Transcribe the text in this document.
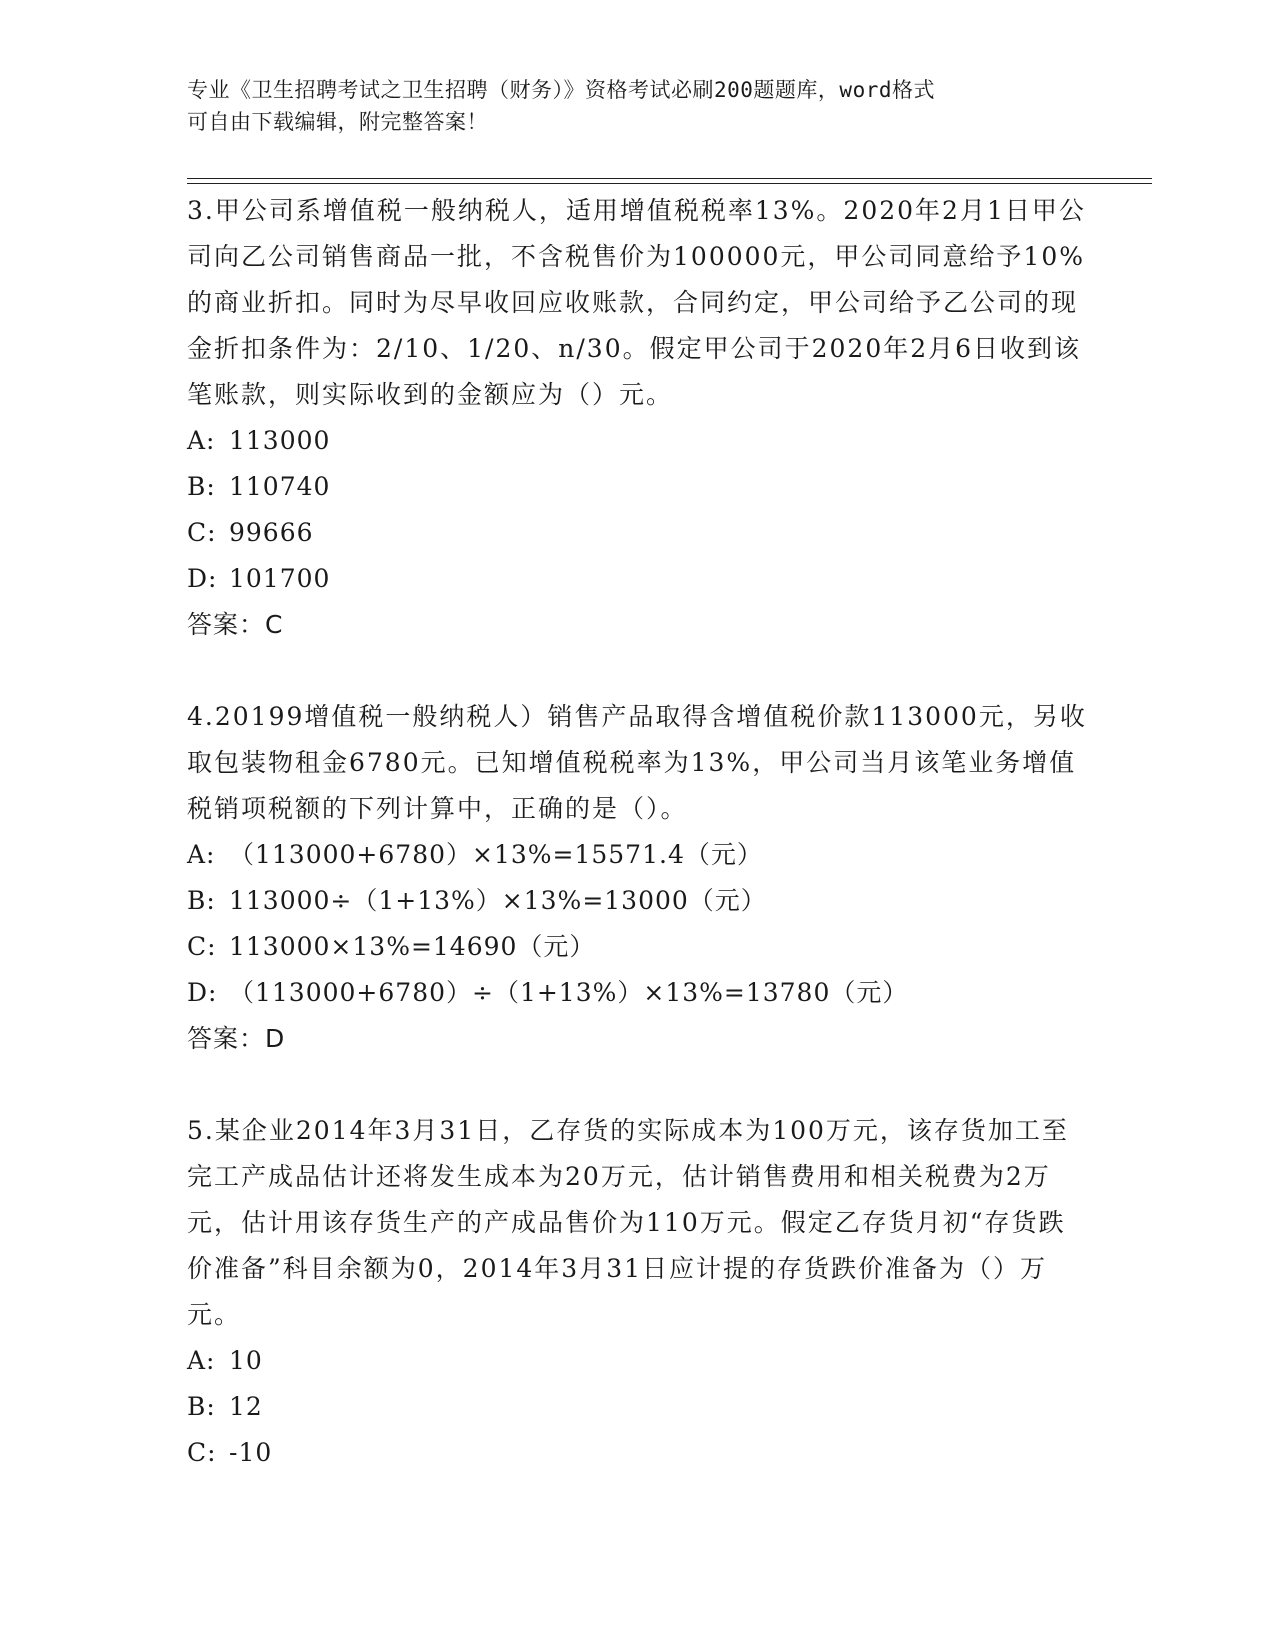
专业《卫生招聘考试之卫生招聘（财务）》资格考试必刷200题题库，word格式
可自由下载编辑，附完整答案！

3.甲公司系增值税一般纳税人，适用增值税税率13%。2020年2月1日甲公司向乙公司销售商品一批，不含税售价为100000元，甲公司同意给予10%的商业折扣。同时为尽早收回应收账款，合同约定，甲公司给予乙公司的现金折扣条件为：2/10、1/20、n/30。假定甲公司于2020年2月6日收到该笔账款，则实际收到的金额应为（）元。

A: 113000

B: 110740

C: 99666

D: 101700

答案：C

4.20199增值税一般纳税人）销售产品取得含增值税价款113000元，另收取包装物租金6780元。已知增值税税率为13%，甲公司当月该笔业务增值税销项税额的下列计算中，正确的是（）。

A: （113000+6780）×13%=15571.4（元）

B: 113000÷（1+13%）×13%=13000（元）

C: 113000×13%=14690（元）

D: （113000+6780）÷（1+13%）×13%=13780（元）

答案：D

5.某企业2014年3月31日，乙存货的实际成本为100万元，该存货加工至完工产成品估计还将发生成本为20万元，估计销售费用和相关税费为2万元，估计用该存货生产的产成品售价为110万元。假定乙存货月初“存货跌价准备”科目余额为0，2014年3月31日应计提的存货跌价准备为（）万元。

A: 10

B: 12

C: -10
